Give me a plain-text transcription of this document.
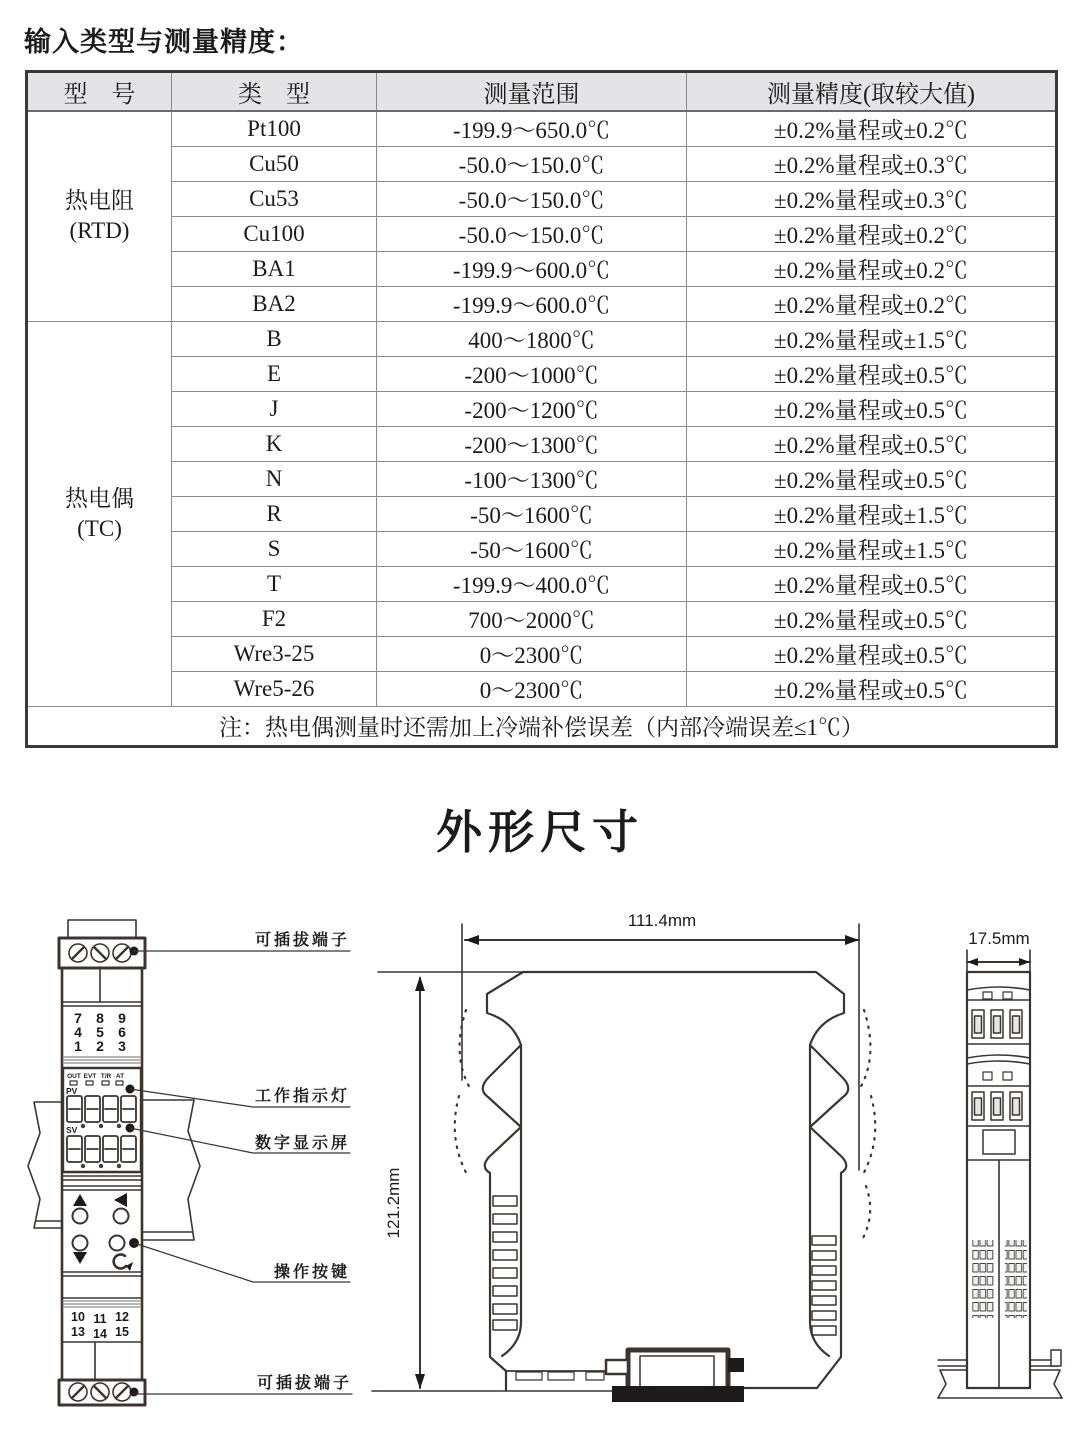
输入类型与测量精度：
型　号	类　型	测量范围	测量精度(取较大值)

热电阻
(RTD)	Pt100	-199.9～650.0℃	±0.2%量程或±0.2℃
	Cu50	-50.0～150.0℃	±0.2%量程或±0.3℃
	Cu53	-50.0～150.0℃	±0.2%量程或±0.3℃
	Cu100	-50.0～150.0℃	±0.2%量程或±0.2℃
	BA1	-199.9～600.0℃	±0.2%量程或±0.2℃
	BA2	-199.9～600.0℃	±0.2%量程或±0.2℃

热电偶
(TC)	B	400～1800℃	±0.2%量程或±1.5℃
	E	-200～1000℃	±0.2%量程或±0.5℃
	J	-200～1200℃	±0.2%量程或±0.5℃
	K	-200～1300℃	±0.2%量程或±0.5℃
	N	-100～1300℃	±0.2%量程或±0.5℃
	R	-50～1600℃	±0.2%量程或±1.5℃
	S	-50～1600℃	±0.2%量程或±1.5℃
	T	-199.9～400.0℃	±0.2%量程或±0.5℃
	F2	700～2000℃	±0.2%量程或±0.5℃
	Wre3-25	0～2300℃	±0.2%量程或±0.5℃
	Wre5-26	0～2300℃	±0.2%量程或±0.5℃
注：热电偶测量时还需加上冷端补偿误差（内部冷端误差≤1℃）			
外形尺寸
7 8 9
4 5 6
1 2 3
OUT EVT T/R AT
PV
SV
10 11 12
13 14 15
可插拔端子
工作指示灯
数字显示屏
操作按键
可插拔端子
111.4mm
121.2mm
17.5mm
